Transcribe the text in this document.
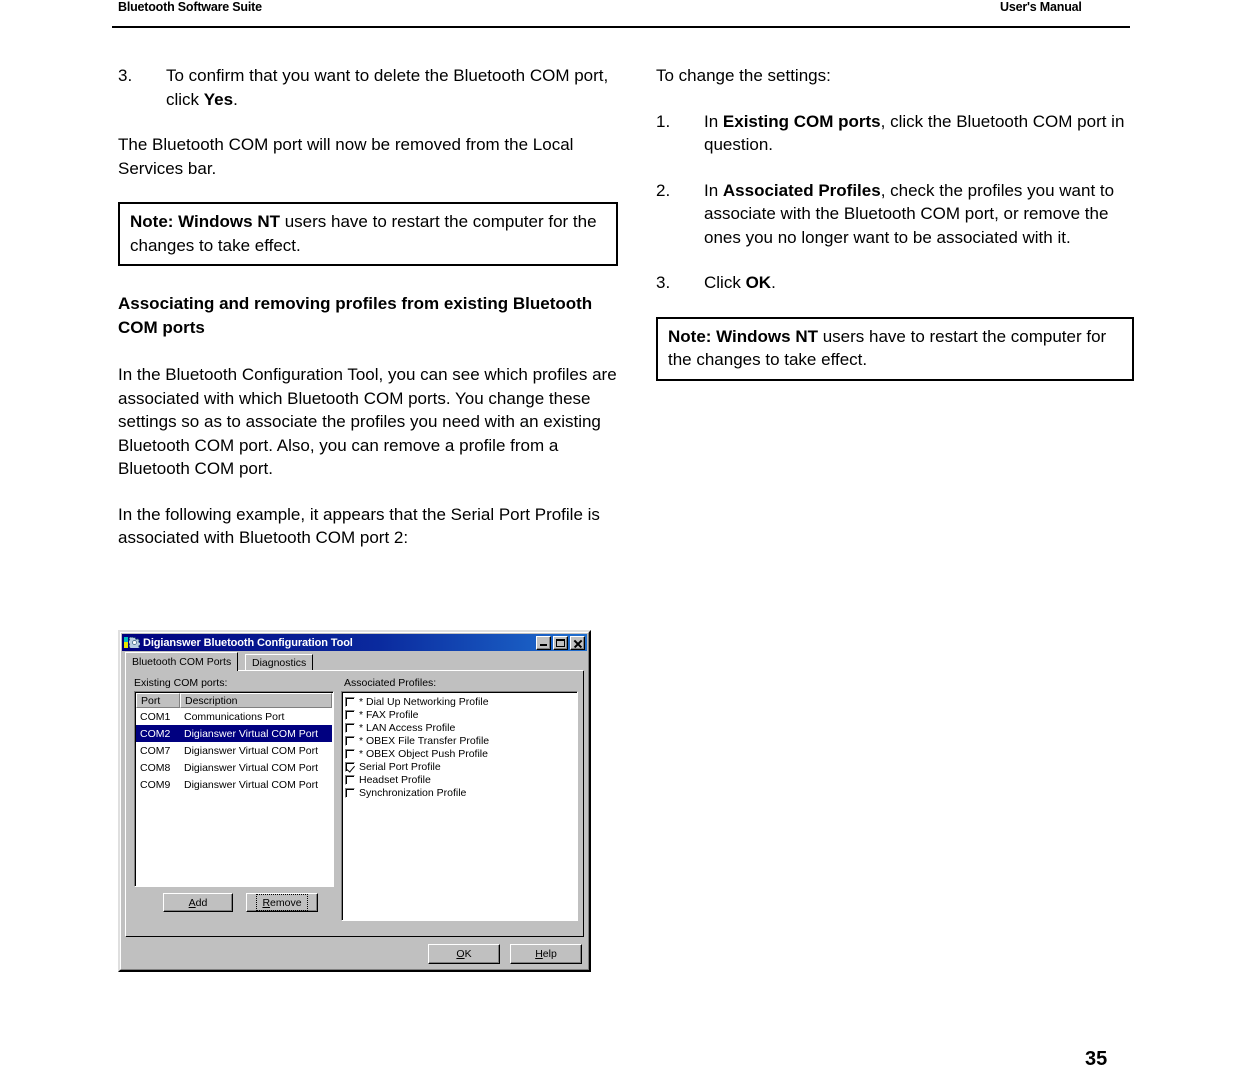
Bluetooth Software Suite	User's Manual
3.	To confirm that you want to delete the Bluetooth COM port, click Yes.

The Bluetooth COM port will now be removed from the Local Services bar.

Note: Windows NT users have to restart the computer for the changes to take effect.
Associating and removing profiles from existing Bluetooth COM ports

In the Bluetooth Configuration Tool, you can see which profiles are associated with which Bluetooth COM ports. You change these settings so as to associate the profiles you need with an existing Bluetooth COM port. Also, you can remove a profile from a Bluetooth COM port.

In the following example, it appears that the Serial Port Profile is associated with Bluetooth COM port 2:

To change the settings:

1.	In Existing COM ports, click the Bluetooth COM port in question.
2.	In Associated Profiles, check the profiles you want to associate with the Bluetooth COM port, or remove the ones you no longer want to be associated with it.
3.	Click OK.
Note: Windows NT users have to restart the computer for the changes to take effect.
Digianswer Bluetooth Configuration Tool
Bluetooth COM Ports Diagnostics
Existing COM ports:	Associated Profiles:
Port	Description
COM1	Communications Port
COM2	Digianswer Virtual COM Port
COM7	Digianswer Virtual COM Port
COM8	Digianswer Virtual COM Port
COM9	Digianswer Virtual COM Port
* Dial Up Networking Profile
* FAX Profile
* LAN Access Profile
* OBEX File Transfer Profile
* OBEX Object Push Profile
Serial Port Profile
Headset Profile
Synchronization Profile
Add	Remove
OK	Help
35
